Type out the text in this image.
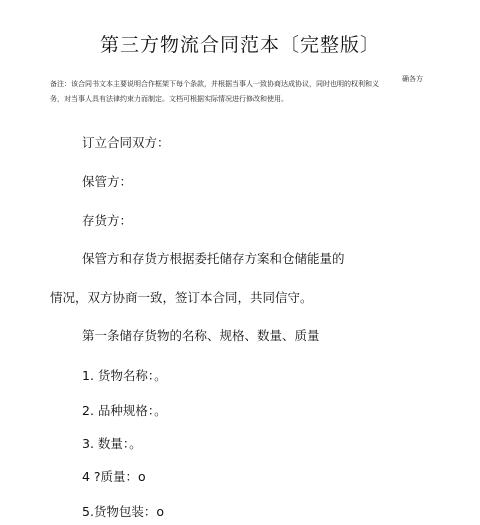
第三方物流合同范本〔完整版〕
备注：该合同书文本主要说明合作框架下每个条款，并根据当事人一致协商达成协议，同时也明的权利和义务，对当事人具有法律约束力而制定。文档可根据实际情况进行修改和使用。
确各方
订立合同双方：
保管方：
存货方：
保管方和存货方根据委托储存方案和仓储能量的
情况，双方协商一致，签订本合同，共同信守。
第一条储存货物的名称、规格、数量、质量
1. 货物名称：。
2. 品种规格：。
3. 数量：。
4 ?质量：o
5.货物包装：o
